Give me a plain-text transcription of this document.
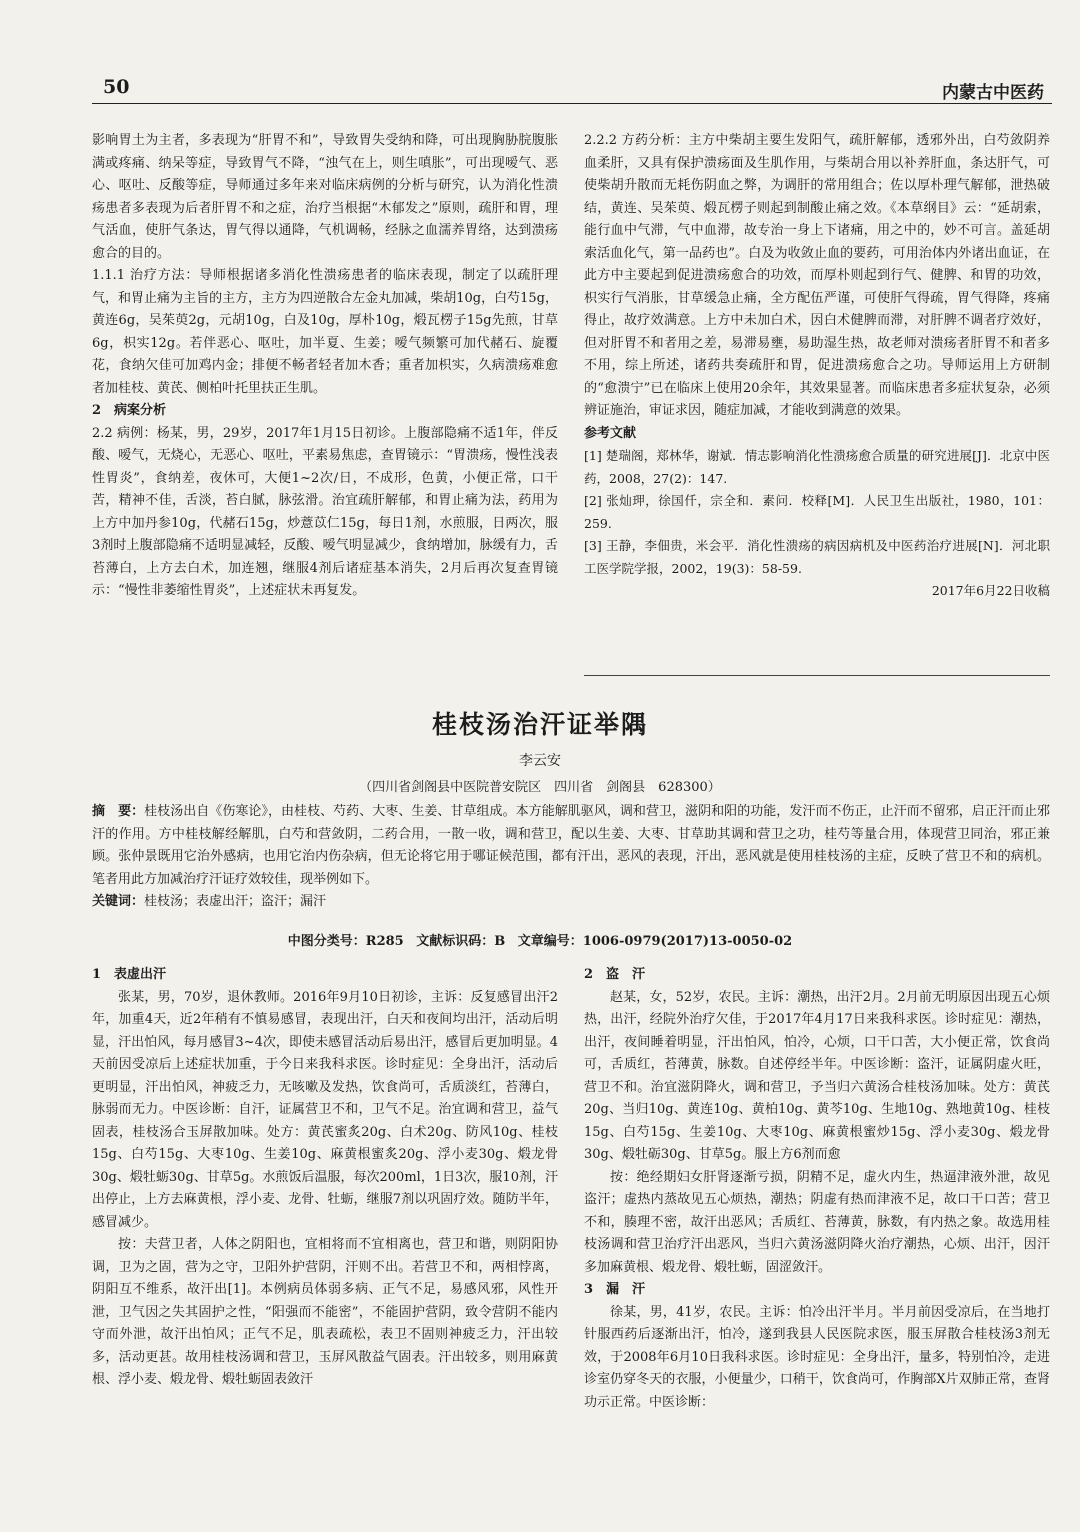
50	内蒙古中医药

影响胃土为主者，多表现为“肝胃不和”，导致胃失受纳和降，可出现胸胁脘腹胀满或疼痛、纳呆等症，导致胃气不降，“浊气在上，则生嗔胀”，可出现嗳气、恶心、呕吐、反酸等症，导师通过多年来对临床病例的分析与研究，认为消化性溃疡患者多表现为后者肝胃不和之症，治疗当根据“木郁发之”原则，疏肝和胃，理气活血，使肝气条达，胃气得以通降，气机调畅，经脉之血濡养胃络，达到溃疡愈合的目的。

1.1.1 治疗方法：导师根据诸多消化性溃疡患者的临床表现，制定了以疏肝理气，和胃止痛为主旨的主方，主方为四逆散合左金丸加减，柴胡10g，白芍15g，黄连6g，吴茱萸2g，元胡10g，白及10g，厚朴10g，煅瓦楞子15g先煎，甘草6g，枳实12g。若伴恶心、呕吐，加半夏、生姜；嗳气频繁可加代赭石、旋覆花，食纳欠佳可加鸡内金；排便不畅者轻者加木香；重者加枳实，久病溃疡难愈者加桂枝、黄芪、侧柏叶托里扶正生肌。

2　病案分析

2.2 病例：杨某，男，29岁，2017年1月15日初诊。上腹部隐痛不适1年，伴反酸、嗳气，无烧心，无恶心、呕吐，平素易焦虑，查胃镜示：“胃溃疡，慢性浅表性胃炎”，食纳差，夜休可，大便1~2次/日，不成形，色黄，小便正常，口干苦，精神不佳，舌淡，苔白腻，脉弦滑。治宜疏肝解郁，和胃止痛为法，药用为上方中加丹参10g，代赭石15g，炒薏苡仁15g，每日1剂，水煎服，日两次，服3剂时上腹部隐痛不适明显减轻，反酸、嗳气明显减少，食纳增加，脉缓有力，舌苔薄白，上方去白术，加连翘，继服4剂后诸症基本消失，2月后再次复查胃镜示：“慢性非萎缩性胃炎”，上述症状未再复发。

2.2.2 方药分析：主方中柴胡主要生发阳气，疏肝解郁，透邪外出，白芍敛阴养血柔肝，又具有保护溃疡面及生肌作用，与柴胡合用以补养肝血，条达肝气，可使柴胡升散而无耗伤阴血之弊，为调肝的常用组合；佐以厚朴理气解郁，泄热破结，黄连、吴茱萸、煅瓦楞子则起到制酸止痛之效。《本草纲目》云：“延胡索，能行血中气滞，气中血滞，故专治一身上下诸痛，用之中的，妙不可言。盖延胡索活血化气，第一品药也”。白及为收敛止血的要药，可用治体内外诸出血证，在此方中主要起到促进溃疡愈合的功效，而厚朴则起到行气、健脾、和胃的功效，枳实行气消胀，甘草缓急止痛，全方配伍严谨，可使肝气得疏，胃气得降，疼痛得止，故疗效满意。上方中未加白术，因白术健脾而滞，对肝脾不调者疗效好，但对肝胃不和者用之差，易滞易壅，易助湿生热，故老师对溃疡者肝胃不和者多不用，综上所述，诸药共奏疏肝和胃，促进溃疡愈合之功。导师运用上方研制的“愈溃宁”已在临床上使用20余年，其效果显著。而临床患者多症状复杂，必须辨证施治，审证求因，随症加减，才能收到满意的效果。

参考文献

[1] 楚瑞阁，郑林华，谢斌．情志影响消化性溃疡愈合质量的研究进展[J]．北京中医药，2008，27(2)：147.

[2] 张灿玾，徐国仟，宗全和．素问．校释[M]．人民卫生出版社，1980，101：259.

[3] 王静，李佃贵，米会平．消化性溃疡的病因病机及中医药治疗进展[N]．河北职工医学院学报，2002，19(3)：58-59.

2017年6月22日收稿

桂枝汤治汗证举隅
李云安
（四川省剑阁县中医院普安院区　四川省　剑阁县　628300）
摘　要：桂枝汤出自《伤寒论》，由桂枝、芍药、大枣、生姜、甘草组成。本方能解肌驱风，调和营卫，滋阴和阳的功能，发汗而不伤正，止汗而不留邪，启正汗而止邪汗的作用。方中桂枝解经解肌，白芍和营敛阴，二药合用，一散一收，调和营卫，配以生姜、大枣、甘草助其调和营卫之功，桂芍等量合用，体现营卫同治，邪正兼顾。张仲景既用它治外感病，也用它治内伤杂病，但无论将它用于哪证候范围，都有汗出，恶风的表现，汗出，恶风就是使用桂枝汤的主症，反映了营卫不和的病机。笔者用此方加减治疗汗证疗效较佳，现举例如下。
关键词：桂枝汤；表虚出汗；盗汗；漏汗
中图分类号：R285 文献标识码：B 文章编号：1006-0979(2017)13-0050-02
1　表虚出汗

张某，男，70岁，退休教师。2016年9月10日初诊，主诉：反复感冒出汗2年，加重4天，近2年稍有不慎易感冒，表现出汗，白天和夜间均出汗，活动后明显，汗出怕风，每月感冒3~4次，即使未感冒活动后易出汗，感冒后更加明显。4天前因受凉后上述症状加重，于今日来我科求医。诊时症见：全身出汗，活动后更明显，汗出怕风，神疲乏力，无咳嗽及发热，饮食尚可，舌质淡红，苔薄白，脉弱而无力。中医诊断：自汗，证属营卫不和，卫气不足。治宜调和营卫，益气固表，桂枝汤合玉屏散加味。处方：黄芪蜜炙20g、白术20g、防风10g、桂枝15g、白芍15g、大枣10g、生姜10g、麻黄根蜜炙20g、浮小麦30g、煅龙骨30g、煅牡蛎30g、甘草5g。水煎饭后温服，每次200ml，1日3次，服10剂，汗出停止，上方去麻黄根，浮小麦、龙骨、牡蛎，继服7剂以巩固疗效。随防半年，感冒减少。

按：夫营卫者，人体之阴阳也，宜相将而不宜相离也，营卫和谐，则阴阳协调，卫为之固，营为之守，卫阳外护营阴，汗则不出。若营卫不和，两相悖离，阴阳互不维系，故汗出[1]。本例病员体弱多病、正气不足，易感风邪，风性开泄，卫气因之失其固护之性，“阳强而不能密”，不能固护营阴，致令营阴不能内守而外泄，故汗出怕风；正气不足，肌表疏松，表卫不固则神疲乏力，汗出较多，活动更甚。故用桂枝汤调和营卫，玉屏风散益气固表。汗出较多，则用麻黄根、浮小麦、煅龙骨、煅牡蛎固表敛汗

2　盗　汗

赵某，女，52岁，农民。主诉：潮热，出汗2月。2月前无明原因出现五心烦热，出汗，经院外治疗欠佳，于2017年4月17日来我科求医。诊时症见：潮热，出汗，夜间睡着明显，汗出怕风，怕冷，心烦，口干口苦，大小便正常，饮食尚可，舌质红，苔薄黄，脉数。自述停经半年。中医诊断：盗汗，证属阴虚火旺，营卫不和。治宜滋阴降火，调和营卫，予当归六黄汤合桂枝汤加味。处方：黄芪20g、当归10g、黄连10g、黄柏10g、黄芩10g、生地10g、熟地黄10g、桂枝15g、白芍15g、生姜10g、大枣10g、麻黄根蜜炒15g、浮小麦30g、煅龙骨30g、煅牡砺30g、甘草5g。服上方6剂而愈

按：绝经期妇女肝肾逐渐亏损，阴精不足，虚火内生，热逼津液外泄，故见盗汗；虚热内蒸故见五心烦热，潮热；阴虚有热而津液不足，故口干口苦；营卫不和，腠理不密，故汗出恶风；舌质红、苔薄黄，脉数，有内热之象。故选用桂枝汤调和营卫治疗汗出恶风，当归六黄汤滋阴降火治疗潮热，心烦、出汗，因汗多加麻黄根、煅龙骨、煅牡蛎，固涩敛汗。

3　漏　汗

徐某，男，41岁，农民。主诉：怕冷出汗半月。半月前因受凉后，在当地打针服西药后逐渐出汗，怕冷，遂到我县人民医院求医，服玉屏散合桂枝汤3剂无效，于2008年6月10日我科求医。诊时症见：全身出汗，量多，特别怕冷，走进诊室仍穿冬天的衣服，小便量少，口稍干，饮食尚可，作胸部X片双肺正常，查肾功示正常。中医诊断：
